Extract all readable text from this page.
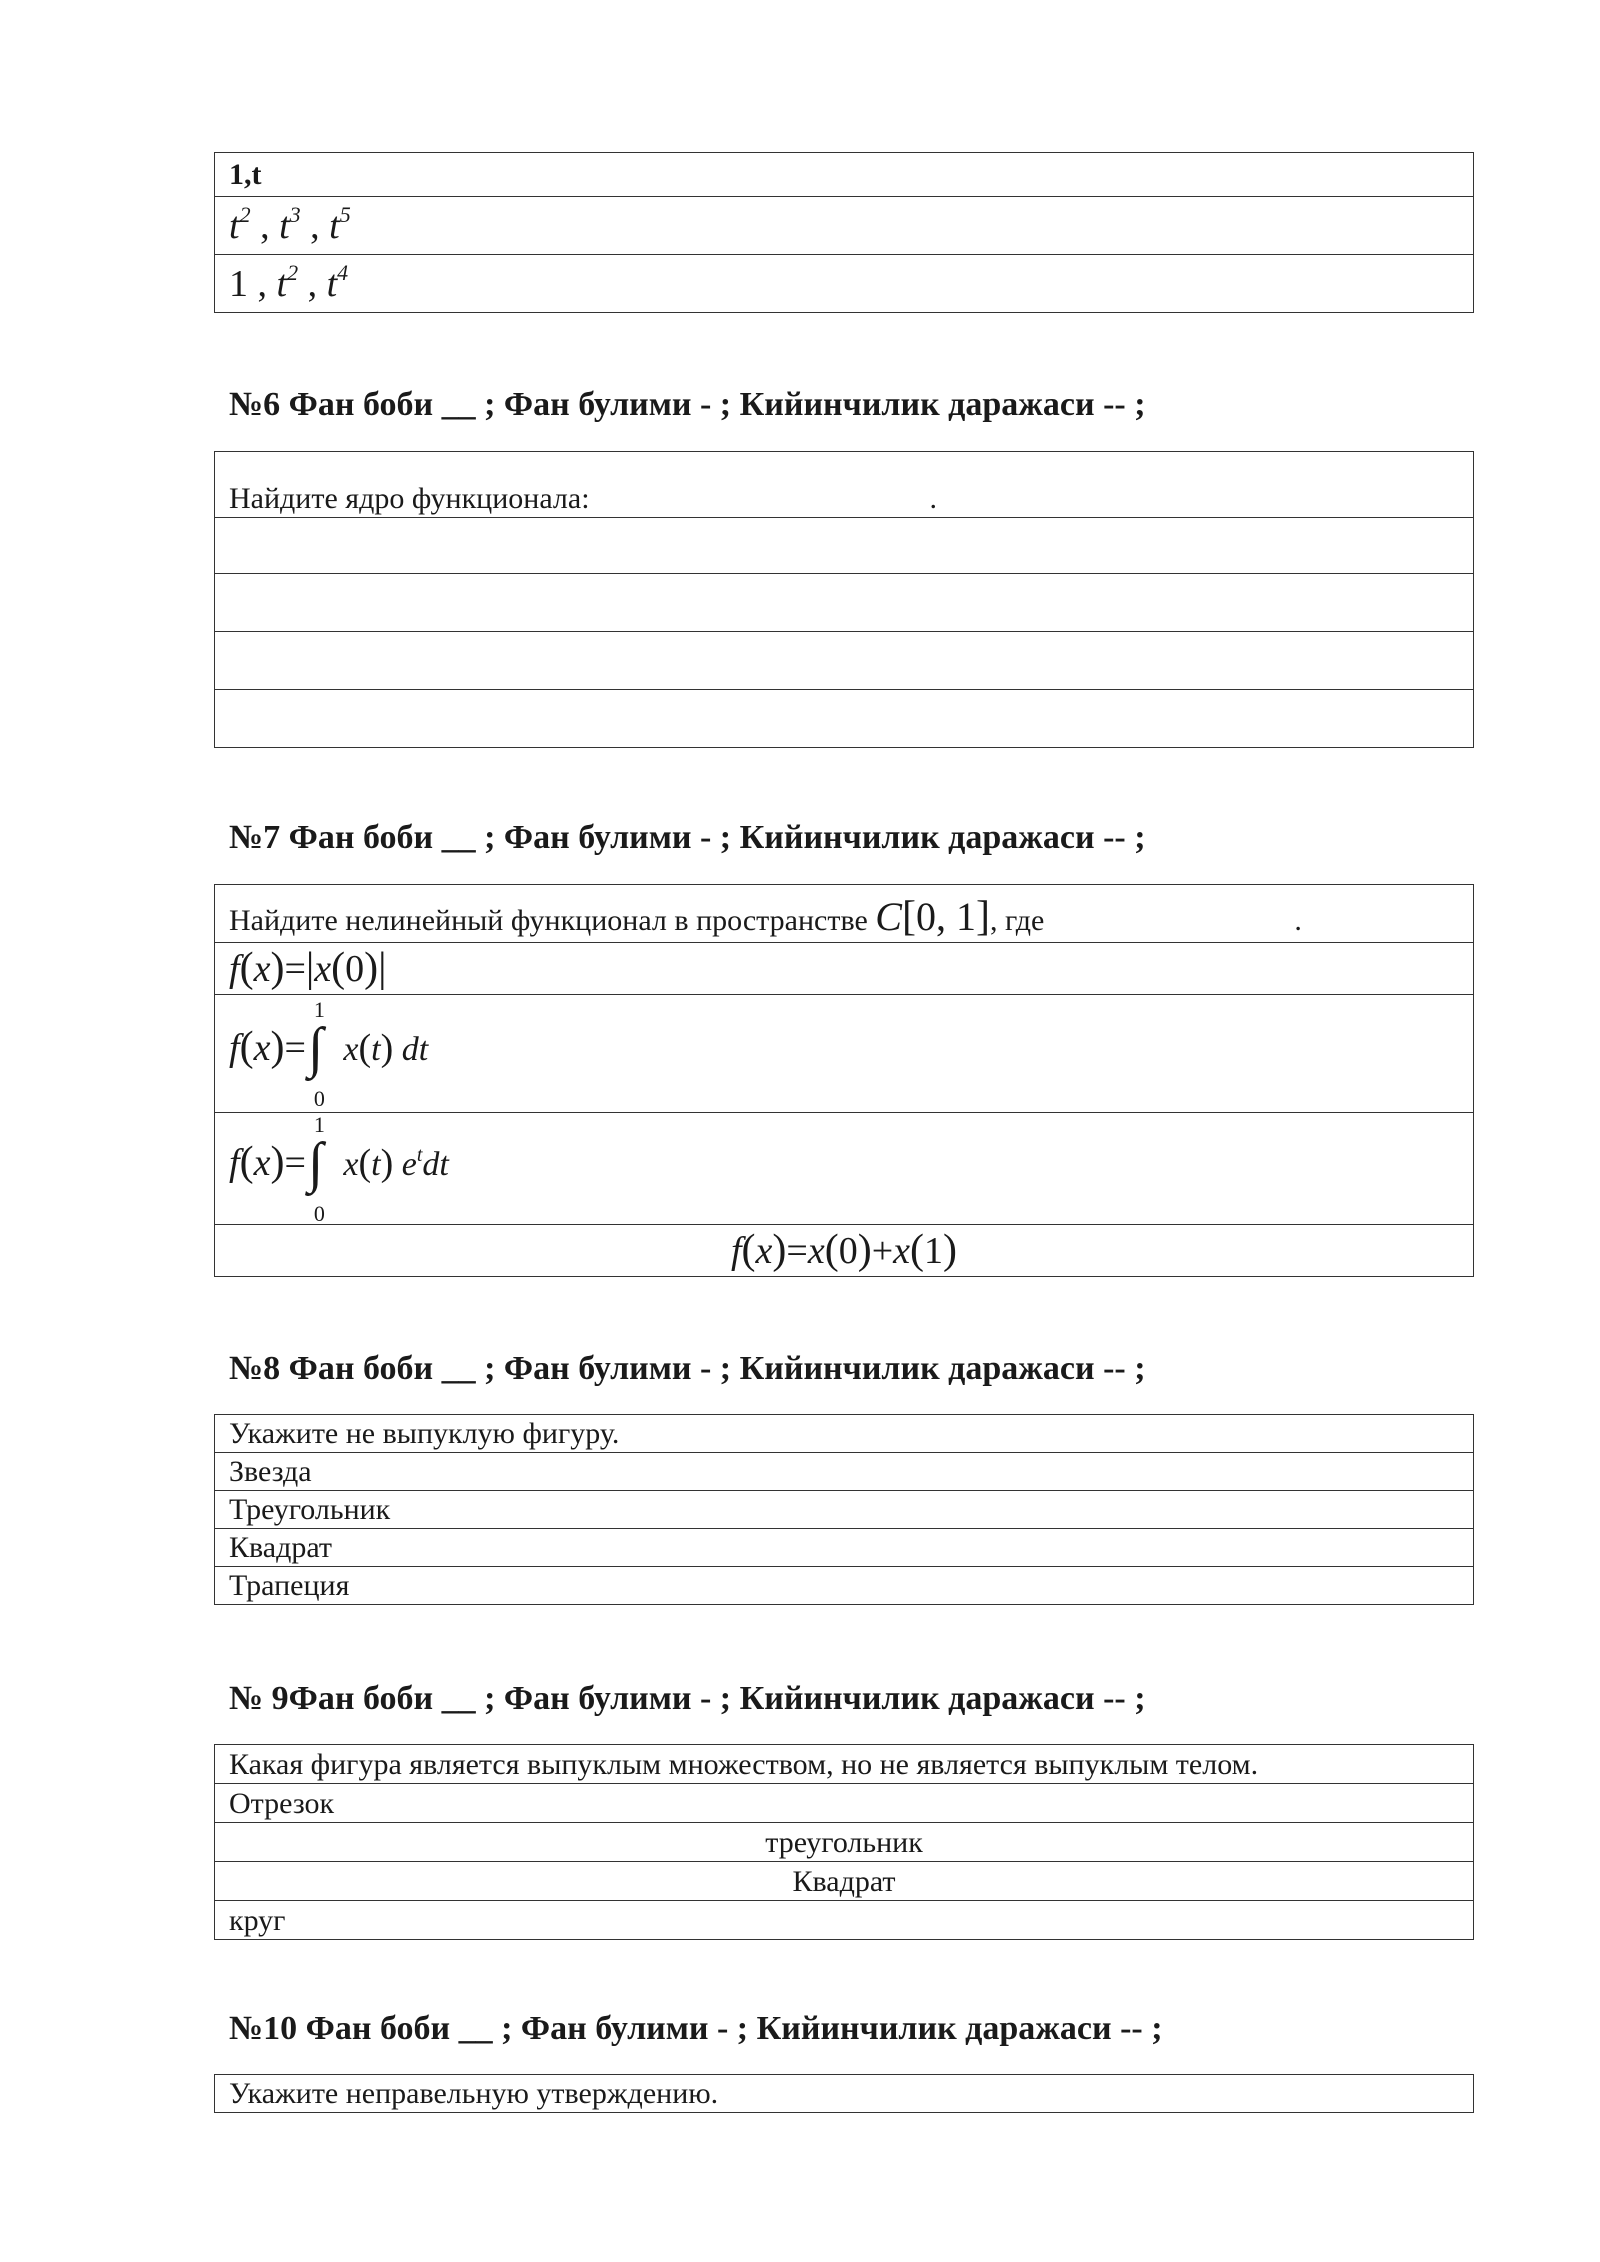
1,t
$t^2$ , $t^3$ , $t^5$
1 , $t^2$ , $t^4$
№6 Фан боби __ ; Фан булими - ; Кийинчилик даражаси -- ;
Найдите ядро функционала:	.

№7 Фан боби __ ; Фан булими - ; Кийинчилик даражаси -- ;
Найдите нелинейный функционал в пространстве C[0, 1], где	.
f(x)=|x(0)|
f(x)=
1
∫
0
x(t) dt
f(x)=
1
∫
0
x(t) $e^tdt$
f(x)=x(0)+x(1)
№8 Фан боби __ ; Фан булими - ; Кийинчилик даражаси -- ;
Укажите не выпуклую фигуру.
Звезда
Треугольник
Квадрат
Трапеция
№ 9Фан боби __ ; Фан булими - ; Кийинчилик даражаси -- ;
Какая фигура является выпуклым множеством, но не является выпуклым телом.
Отрезок
треугольник
Квадрат
круг
№10 Фан боби __ ; Фан булими - ; Кийинчилик даражаси -- ;
Укажите неправельную утверждению.
